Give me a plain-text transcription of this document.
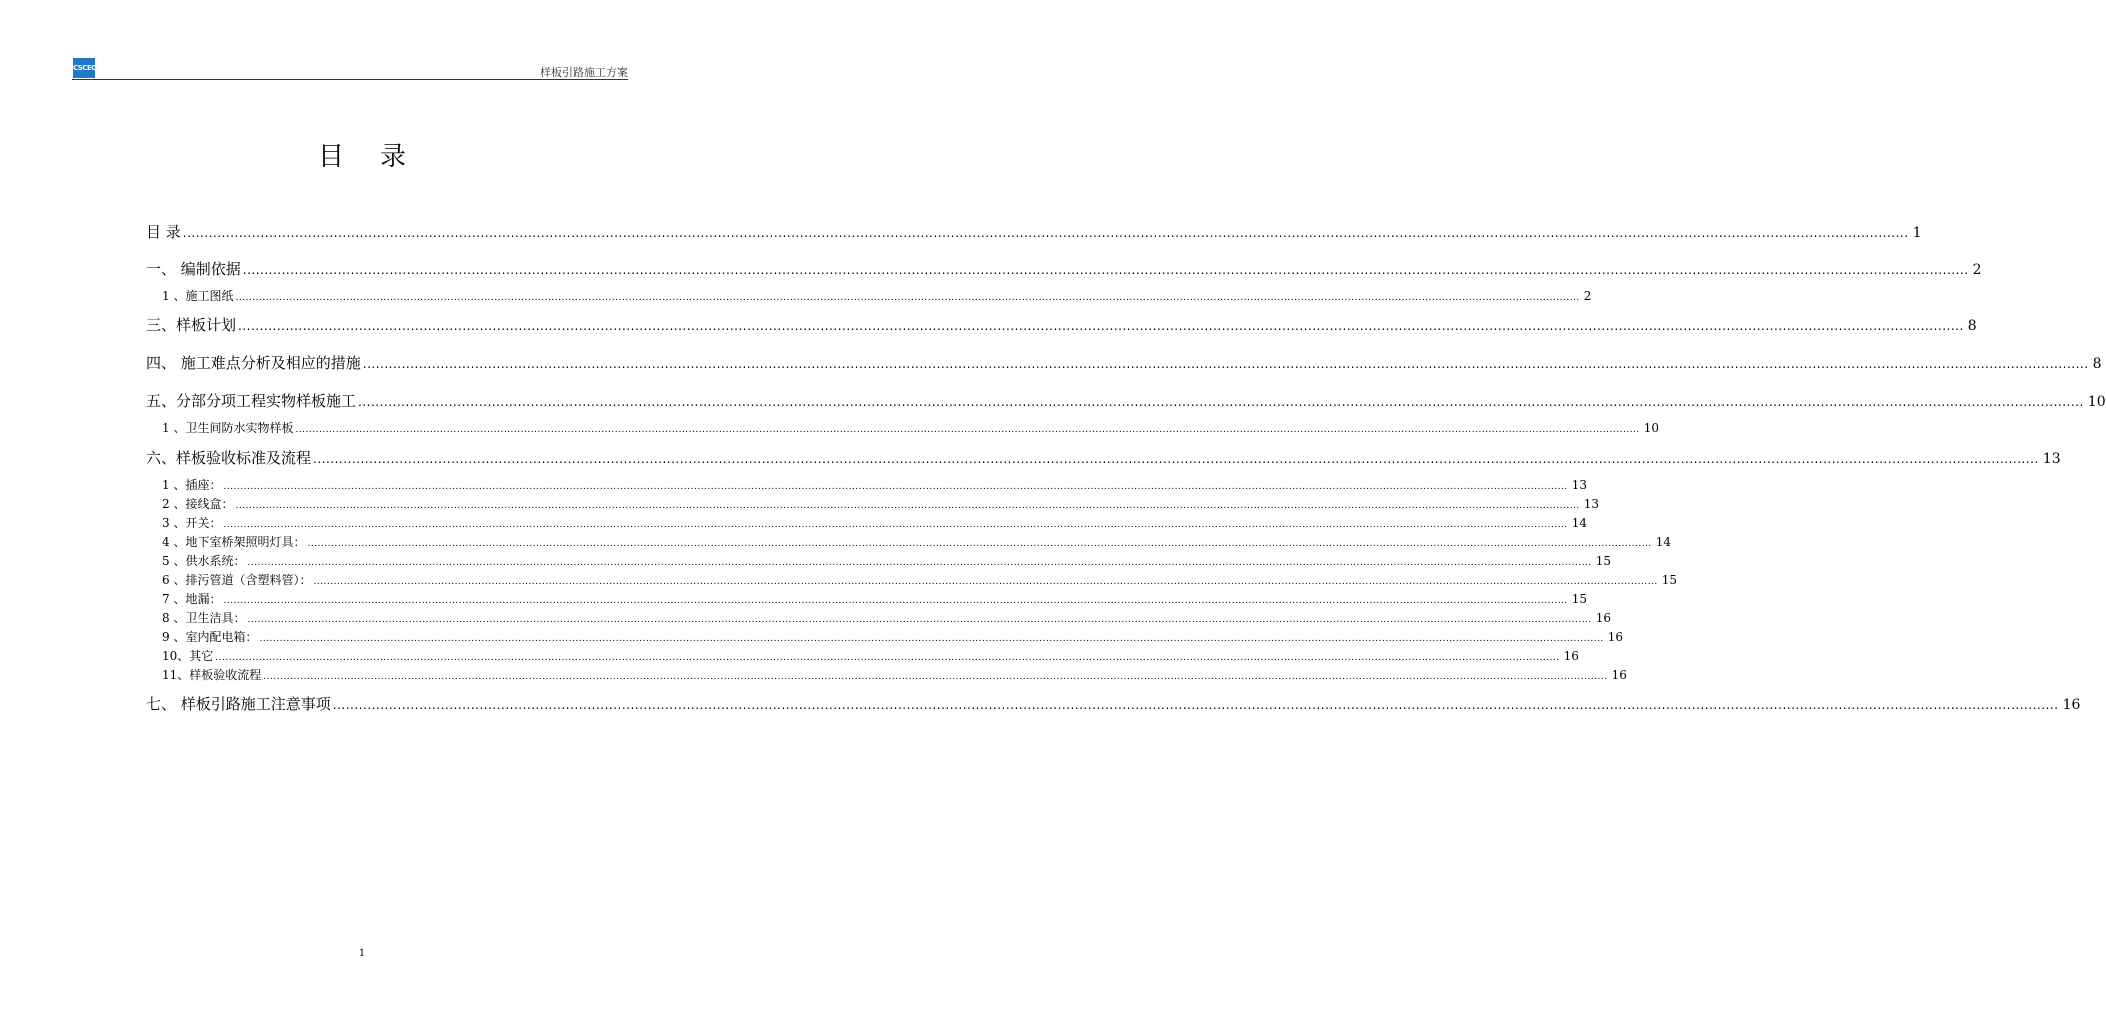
CSCEC	样板引路施工方案
目录
目 录 ................................................................................................................................................................................................................................................................................................................................................................................................................ 1
一、 编制依据 ................................................................................................................................................................................................................................................................................................................................................................................................................ 2
1 、施工图纸 ................................................................................................................................................................................................................................................................................................................................................................................................................ 2
三、样板计划 ................................................................................................................................................................................................................................................................................................................................................................................................................ 8
四、 施工难点分析及相应的措施 ................................................................................................................................................................................................................................................................................................................................................................................................................ 8
五、分部分项工程实物样板施工 ................................................................................................................................................................................................................................................................................................................................................................................................................ 10
1 、卫生间防水实物样板 ................................................................................................................................................................................................................................................................................................................................................................................................................ 10
六、样板验收标准及流程 ................................................................................................................................................................................................................................................................................................................................................................................................................ 13
1 、插座： ................................................................................................................................................................................................................................................................................................................................................................................................................ 13
2 、接线盒： ................................................................................................................................................................................................................................................................................................................................................................................................................ 13
3 、开关： ................................................................................................................................................................................................................................................................................................................................................................................................................ 14
4 、地下室桥架照明灯具： ................................................................................................................................................................................................................................................................................................................................................................................................................ 14
5 、供水系统： ................................................................................................................................................................................................................................................................................................................................................................................................................ 15
6 、排污管道（含塑料管）： ................................................................................................................................................................................................................................................................................................................................................................................................................ 15
7 、地漏： ................................................................................................................................................................................................................................................................................................................................................................................................................ 15
8 、卫生洁具： ................................................................................................................................................................................................................................................................................................................................................................................................................ 16
9 、室内配电箱： ................................................................................................................................................................................................................................................................................................................................................................................................................ 16
10、其它 ................................................................................................................................................................................................................................................................................................................................................................................................................ 16
11、样板验收流程 ................................................................................................................................................................................................................................................................................................................................................................................................................ 16
七、 样板引路施工注意事项 ................................................................................................................................................................................................................................................................................................................................................................................................................ 16
1
